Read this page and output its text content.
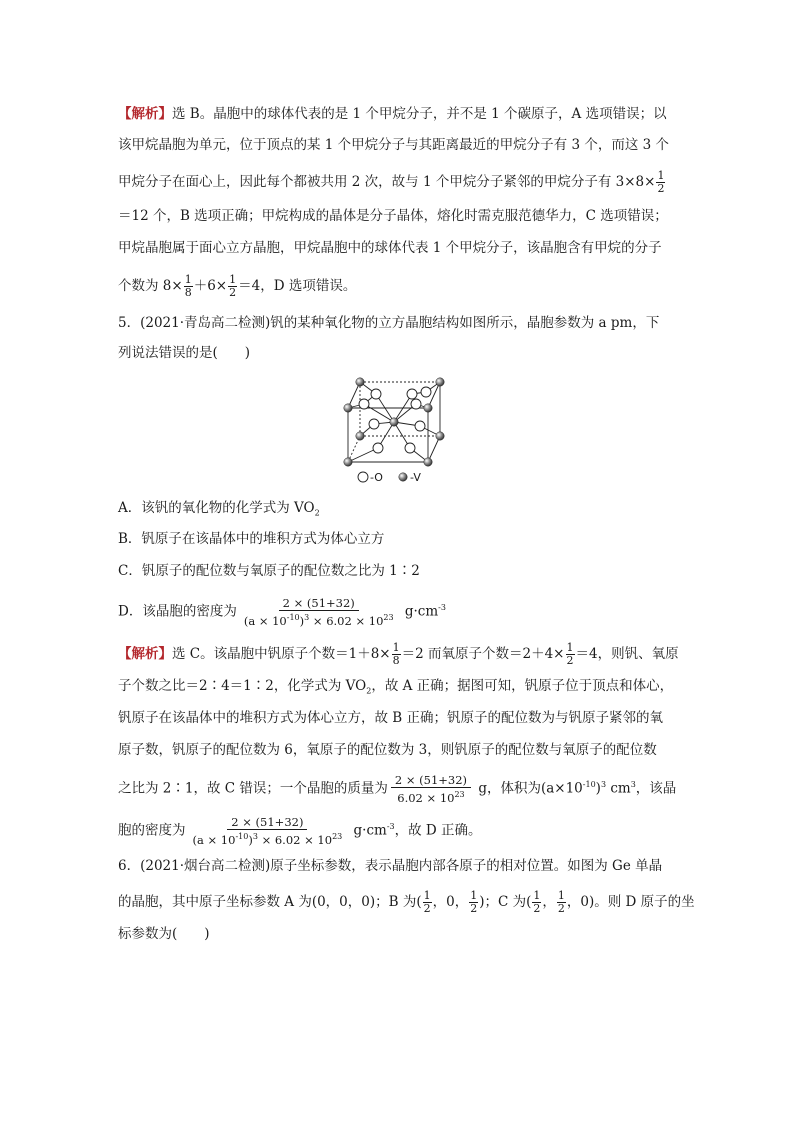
【解析】选 B。晶胞中的球体代表的是 1 个甲烷分子，并不是 1 个碳原子，A 选项错误；以
该甲烷晶胞为单元，位于顶点的某 1 个甲烷分子与其距离最近的甲烷分子有 3 个，而这 3 个
甲烷分子在面心上，因此每个都被共用 2 次，故与 1 个甲烷分子紧邻的甲烷分子有 $3\times 8\times \frac{1}{2}$
＝12 个，B 选项正确；甲烷构成的晶体是分子晶体，熔化时需克服范德华力，C 选项错误；
甲烷晶胞属于面心立方晶胞，甲烷晶胞中的球体代表 1 个甲烷分子，该晶胞含有甲烷的分子
个数为 $8\times \frac{1}{8} +6\times \frac{1}{2} =4$，D 选项错误。
5．(2021·青岛高二检测)钒的某种氧化物的立方晶胞结构如图所示，晶胞参数为 a pm，下
列说法错误的是(　　)
A．该钒的氧化物的化学式为 $VO_2$
B．钒原子在该晶体中的堆积方式为体心立方
C．钒原子的配位数与氧原子的配位数之比为 1∶2
D．该晶胞的密度为 $\frac{2 \times (51+32)}{(a \times 10^{-10})^3 \times 6.02 \times 10^{23}} g\cdot cm^{-3}$
【解析】选 C。该晶胞中钒原子个数$=1+8\times \frac{1}{8} =2$ 而氧原子个数$=2+4\times \frac{1}{2} =4$，则钒、氧原
子个数之比＝2∶4＝1∶2，化学式为 $VO_2$，故 A 正确；据图可知，钒原子位于顶点和体心，
钒原子在该晶体中的堆积方式为体心立方，故 B 正确；钒原子的配位数为与钒原子紧邻的氧
原子数，钒原子的配位数为 6，氧原子的配位数为 3，则钒原子的配位数与氧原子的配位数
之比为 2∶1，故 C 错误；一个晶胞的质量为 $\frac{2 \times (51+32)}{6.02 \times 10^{23}}$ g，体积为$(a\times 10^{-10})^3$ $cm^3$，该晶
胞的密度为 $\frac{2 \times (51+32)}{(a \times 10^{-10})^3 \times 6.02 \times 10^{23}} g\cdot cm^{-3}$，故 D 正确。
6．(2021·烟台高二检测)原子坐标参数，表示晶胞内部各原子的相对位置。如图为 Ge 单晶
的晶胞，其中原子坐标参数 A 为(0，0，0)；B 为( $\frac{1}{2}$ ，0， $\frac{1}{2}$ )；C 为( $\frac{1}{2}$ ， $\frac{1}{2}$ ，0)。则 D 原子的坐
标参数为(　　)
-O -V
